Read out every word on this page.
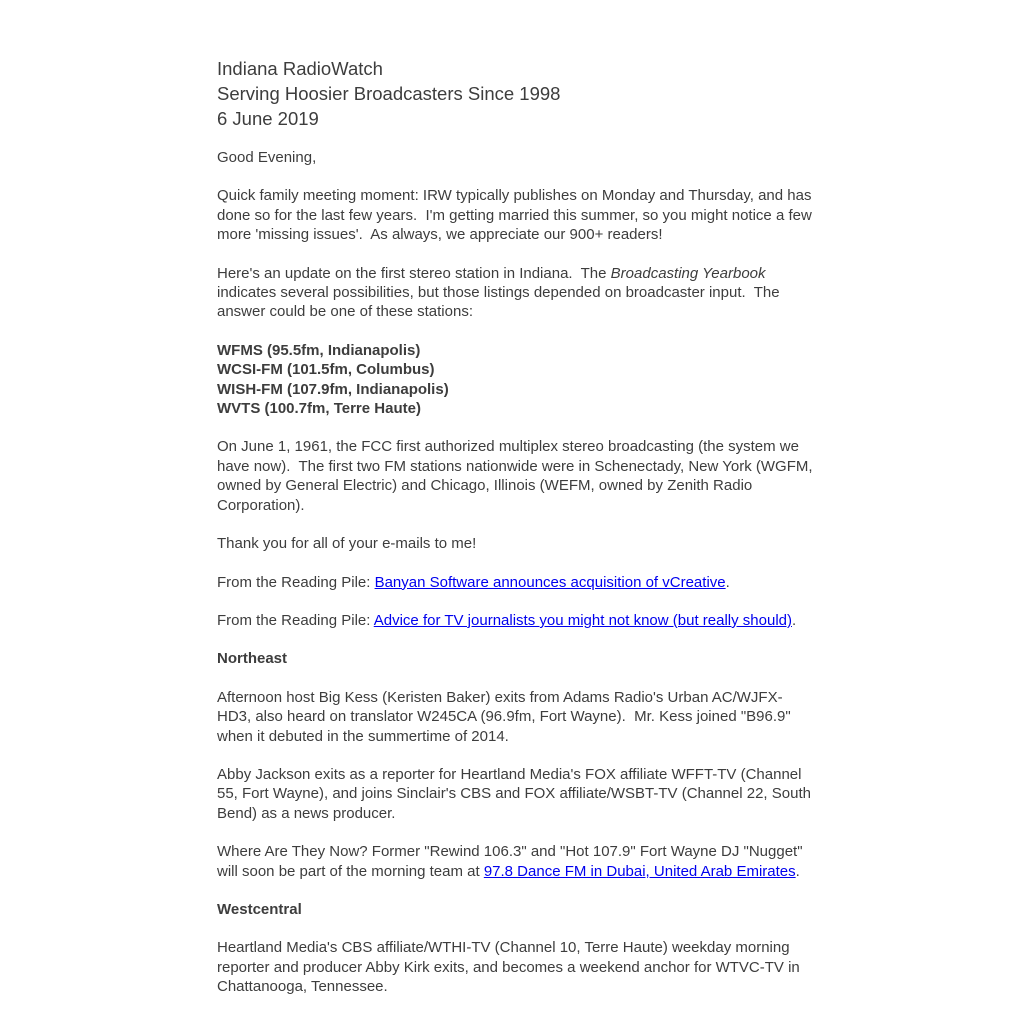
Indiana RadioWatch

Serving Hoosier Broadcasters Since 1998

6 June 2019

Good Evening,

Quick family meeting moment: IRW typically publishes on Monday and Thursday, and has done so for the last few years.  I'm getting married this summer, so you might notice a few more 'missing issues'.  As always, we appreciate our 900+ readers!

Here's an update on the first stereo station in Indiana.  The Broadcasting Yearbook indicates several possibilities, but those listings depended on broadcaster input.  The answer could be one of these stations:

WFMS (95.5fm, Indianapolis)
WCSI-FM (101.5fm, Columbus)
WISH-FM (107.9fm, Indianapolis)
WVTS (100.7fm, Terre Haute)

On June 1, 1961, the FCC first authorized multiplex stereo broadcasting (the system we have now).  The first two FM stations nationwide were in Schenectady, New York (WGFM, owned by General Electric) and Chicago, Illinois (WEFM, owned by Zenith Radio Corporation).

Thank you for all of your e-mails to me!

From the Reading Pile: Banyan Software announces acquisition of vCreative.

From the Reading Pile: Advice for TV journalists you might not know (but really should).

Northeast

Afternoon host Big Kess (Keristen Baker) exits from Adams Radio's Urban AC/WJFX-HD3, also heard on translator W245CA (96.9fm, Fort Wayne).  Mr. Kess joined "B96.9" when it debuted in the summertime of 2014.

Abby Jackson exits as a reporter for Heartland Media's FOX affiliate WFFT-TV (Channel 55, Fort Wayne), and joins Sinclair's CBS and FOX affiliate/WSBT-TV (Channel 22, South Bend) as a news producer.

Where Are They Now? Former "Rewind 106.3" and "Hot 107.9" Fort Wayne DJ "Nugget" will soon be part of the morning team at 97.8 Dance FM in Dubai, United Arab Emirates.

Westcentral

Heartland Media's CBS affiliate/WTHI-TV (Channel 10, Terre Haute) weekday morning reporter and producer Abby Kirk exits, and becomes a weekend anchor for WTVC-TV in Chattanooga, Tennessee.
